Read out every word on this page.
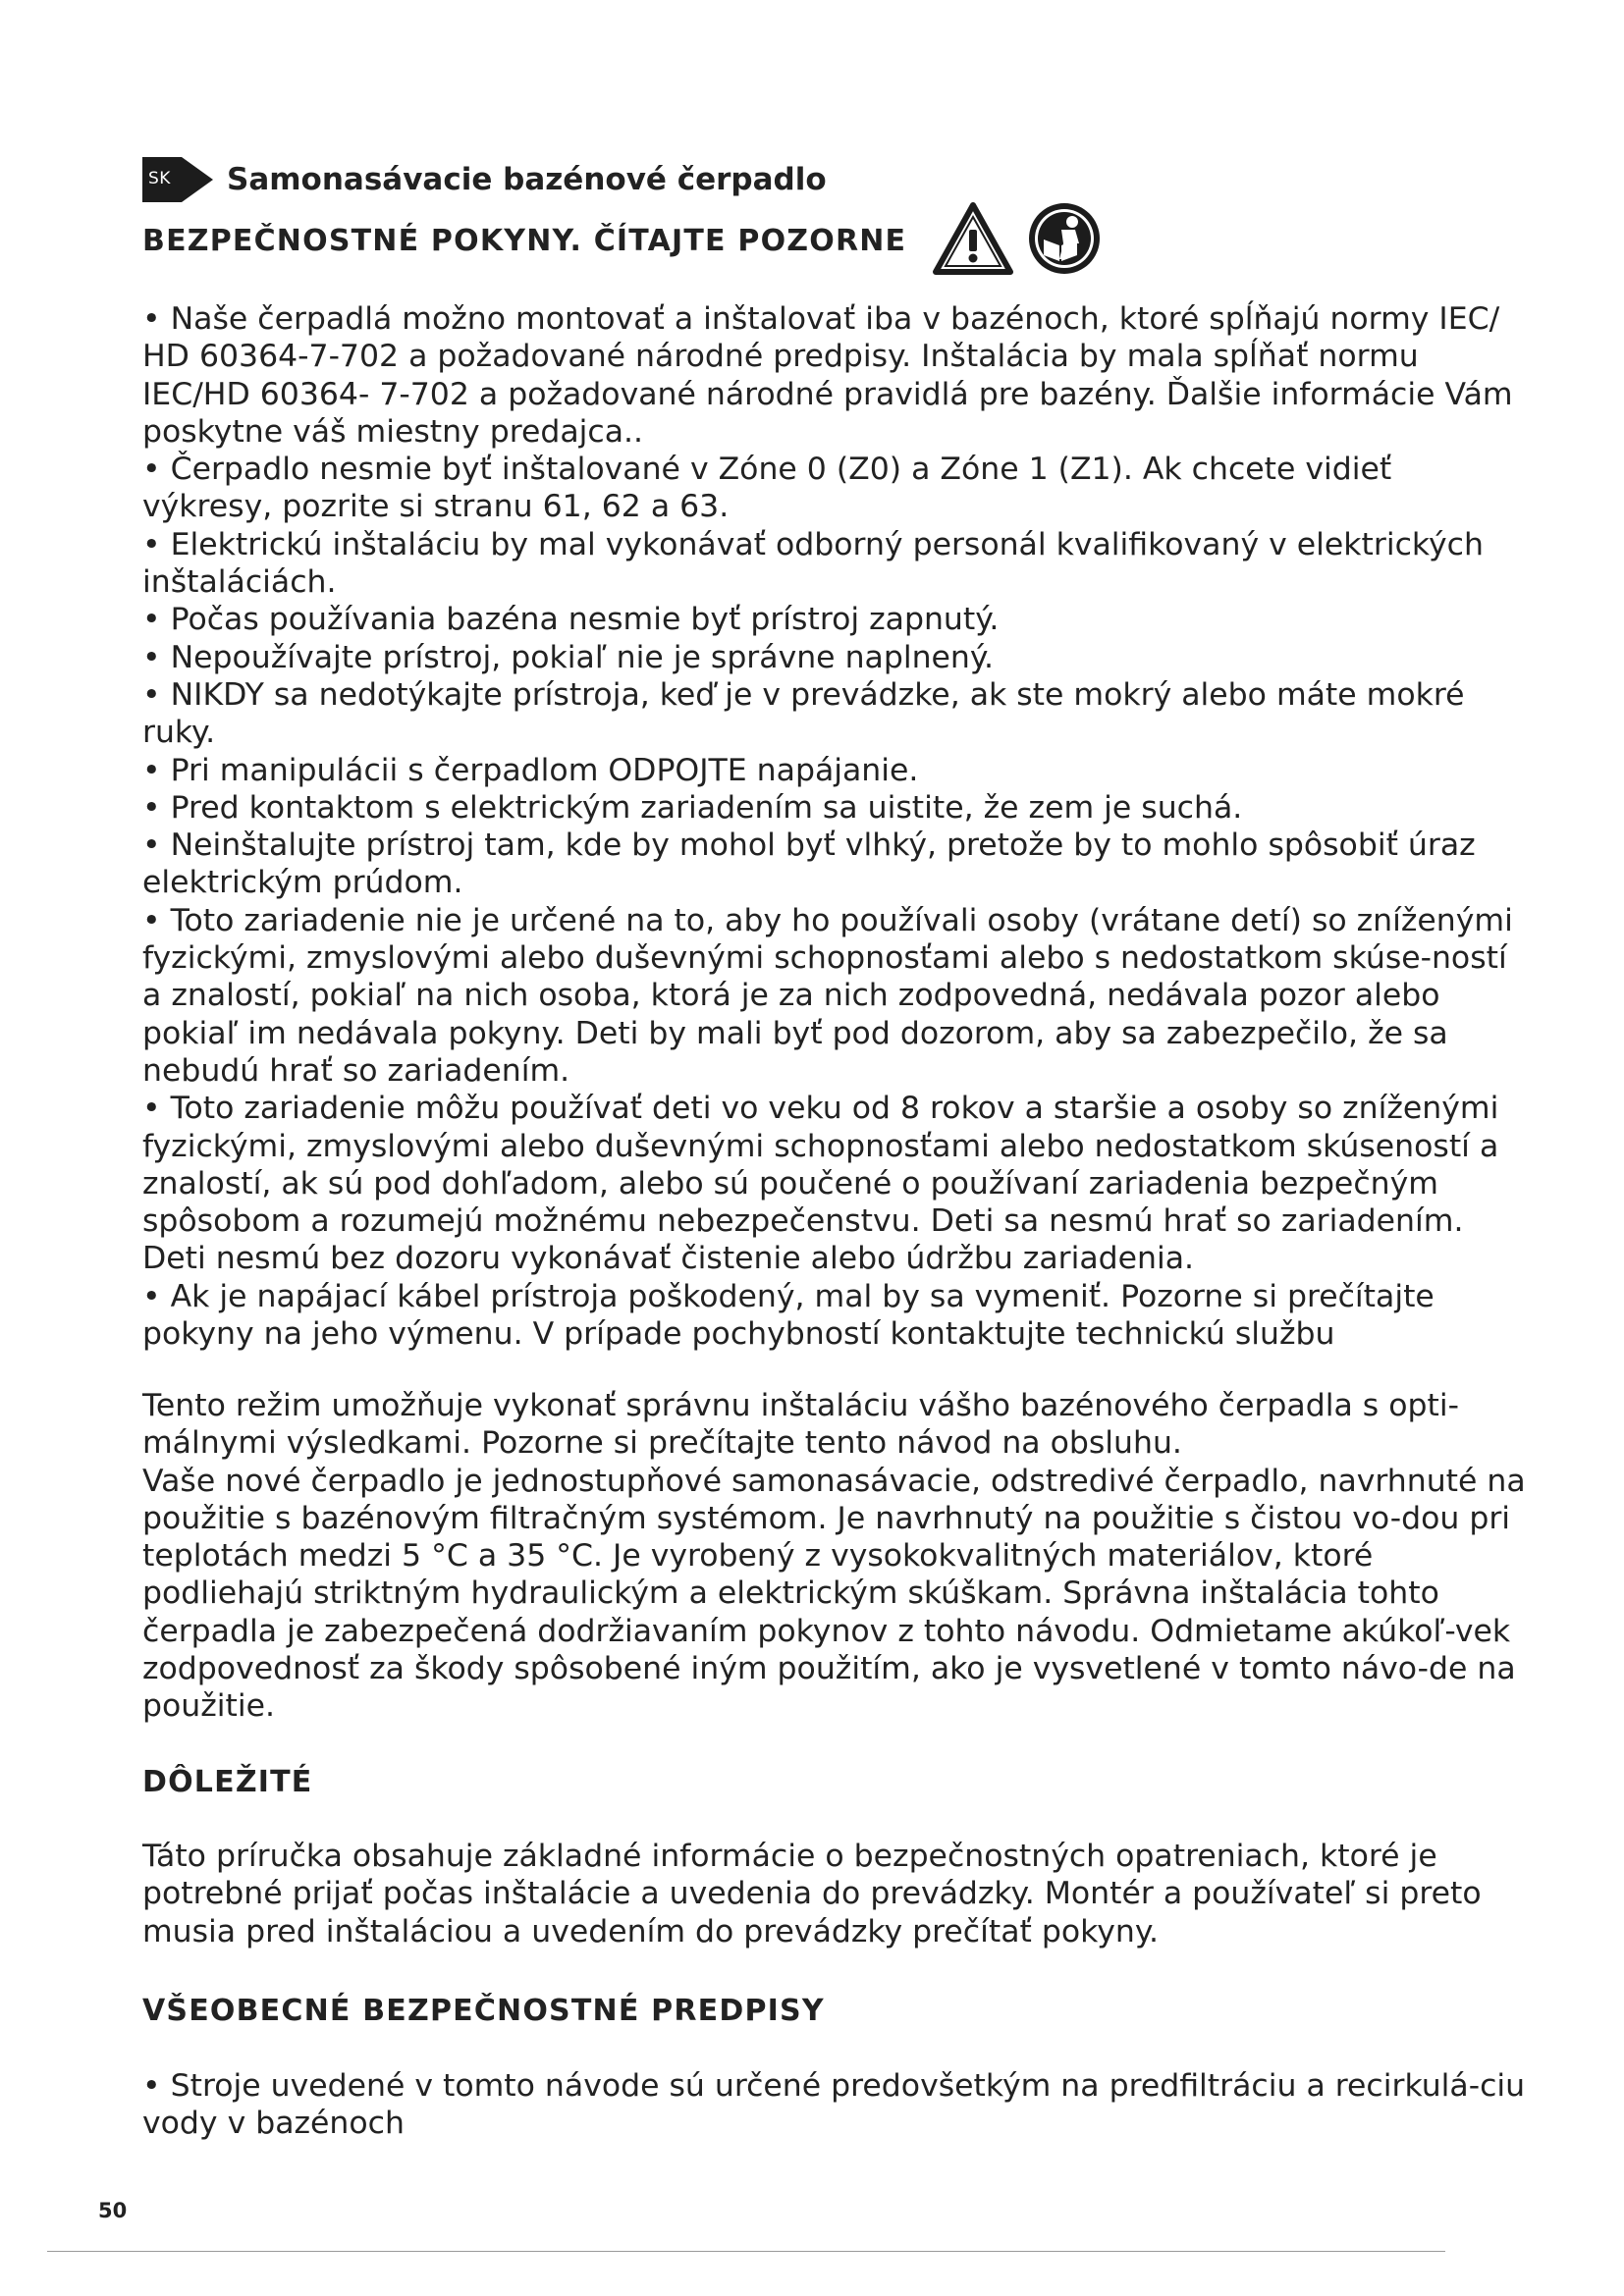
SK Samonasávacie bazénové čerpadlo
BEZPEČNOSTNÉ POKYNY. ČÍTAJTE POZORNE

• Naše čerpadlá možno montovať a inštalovať iba v bazénoch, ktoré spĺňajú normy IEC/ HD 60364-7-702 a požadované národné predpisy. Inštalácia by mala spĺňať normu IEC/HD 60364- 7-702 a požadované národné pravidlá pre bazény. Ďalšie informácie Vám poskytne váš miestny predajca..

• Čerpadlo nesmie byť inštalované v Zóne 0 (Z0) a Zóne 1 (Z1). Ak chcete vidieť výkresy, pozrite si stranu 61, 62 a 63.

• Elektrickú inštaláciu by mal vykonávať odborný personál kvalifikovaný v elektrických inštaláciách.

• Počas používania bazéna nesmie byť prístroj zapnutý.

• Nepoužívajte prístroj, pokiaľ nie je správne naplnený.

• NIKDY sa nedotýkajte prístroja, keď je v prevádzke, ak ste mokrý alebo máte mokré ruky.

• Pri manipulácii s čerpadlom ODPOJTE napájanie.

• Pred kontaktom s elektrickým zariadením sa uistite, že zem je suchá.

• Neinštalujte prístroj tam, kde by mohol byť vlhký, pretože by to mohlo spôsobiť úraz elektrickým prúdom.

• Toto zariadenie nie je určené na to, aby ho používali osoby (vrátane detí) so zníženými fyzickými, zmyslovými alebo duševnými schopnosťami alebo s nedostatkom skúse-ností a znalostí, pokiaľ na nich osoba, ktorá je za nich zodpovedná, nedávala pozor alebo pokiaľ im nedávala pokyny. Deti by mali byť pod dozorom, aby sa zabezpečilo, že sa nebudú hrať so zariadením.

• Toto zariadenie môžu používať deti vo veku od 8 rokov a staršie a osoby so zníženými fyzickými, zmyslovými alebo duševnými schopnosťami alebo nedostatkom skúseností a znalostí, ak sú pod dohľadom, alebo sú poučené o používaní zariadenia bezpečným spôsobom a rozumejú možnému nebezpečenstvu. Deti sa nesmú hrať so zariadením. Deti nesmú bez dozoru vykonávať čistenie alebo údržbu zariadenia.

• Ak je napájací kábel prístroja poškodený, mal by sa vymeniť. Pozorne si prečítajte pokyny na jeho výmenu. V prípade pochybností kontaktujte technickú službu

Tento režim umožňuje vykonať správnu inštaláciu vášho bazénového čerpadla s opti-málnymi výsledkami. Pozorne si prečítajte tento návod na obsluhu.

Vaše nové čerpadlo je jednostupňové samonasávacie, odstredivé čerpadlo, navrhnuté na použitie s bazénovým filtračným systémom. Je navrhnutý na použitie s čistou vo-dou pri teplotách medzi 5 °C a 35 °C. Je vyrobený z vysokokvalitných materiálov, ktoré podliehajú striktným hydraulickým a elektrickým skúškam. Správna inštalácia tohto čerpadla je zabezpečená dodržiavaním pokynov z tohto návodu. Odmietame akúkoľ-vek zodpovednosť za škody spôsobené iným použitím, ako je vysvetlené v tomto návo-de na použitie.

DÔLEŽITÉ

Táto príručka obsahuje základné informácie o bezpečnostných opatreniach, ktoré je potrebné prijať počas inštalácie a uvedenia do prevádzky. Montér a používateľ si preto musia pred inštaláciou a uvedením do prevádzky prečítať pokyny.

VŠEOBECNÉ BEZPEČNOSTNÉ PREDPISY

• Stroje uvedené v tomto návode sú určené predovšetkým na predfiltráciu a recirkulá-ciu vody v bazénoch

50
